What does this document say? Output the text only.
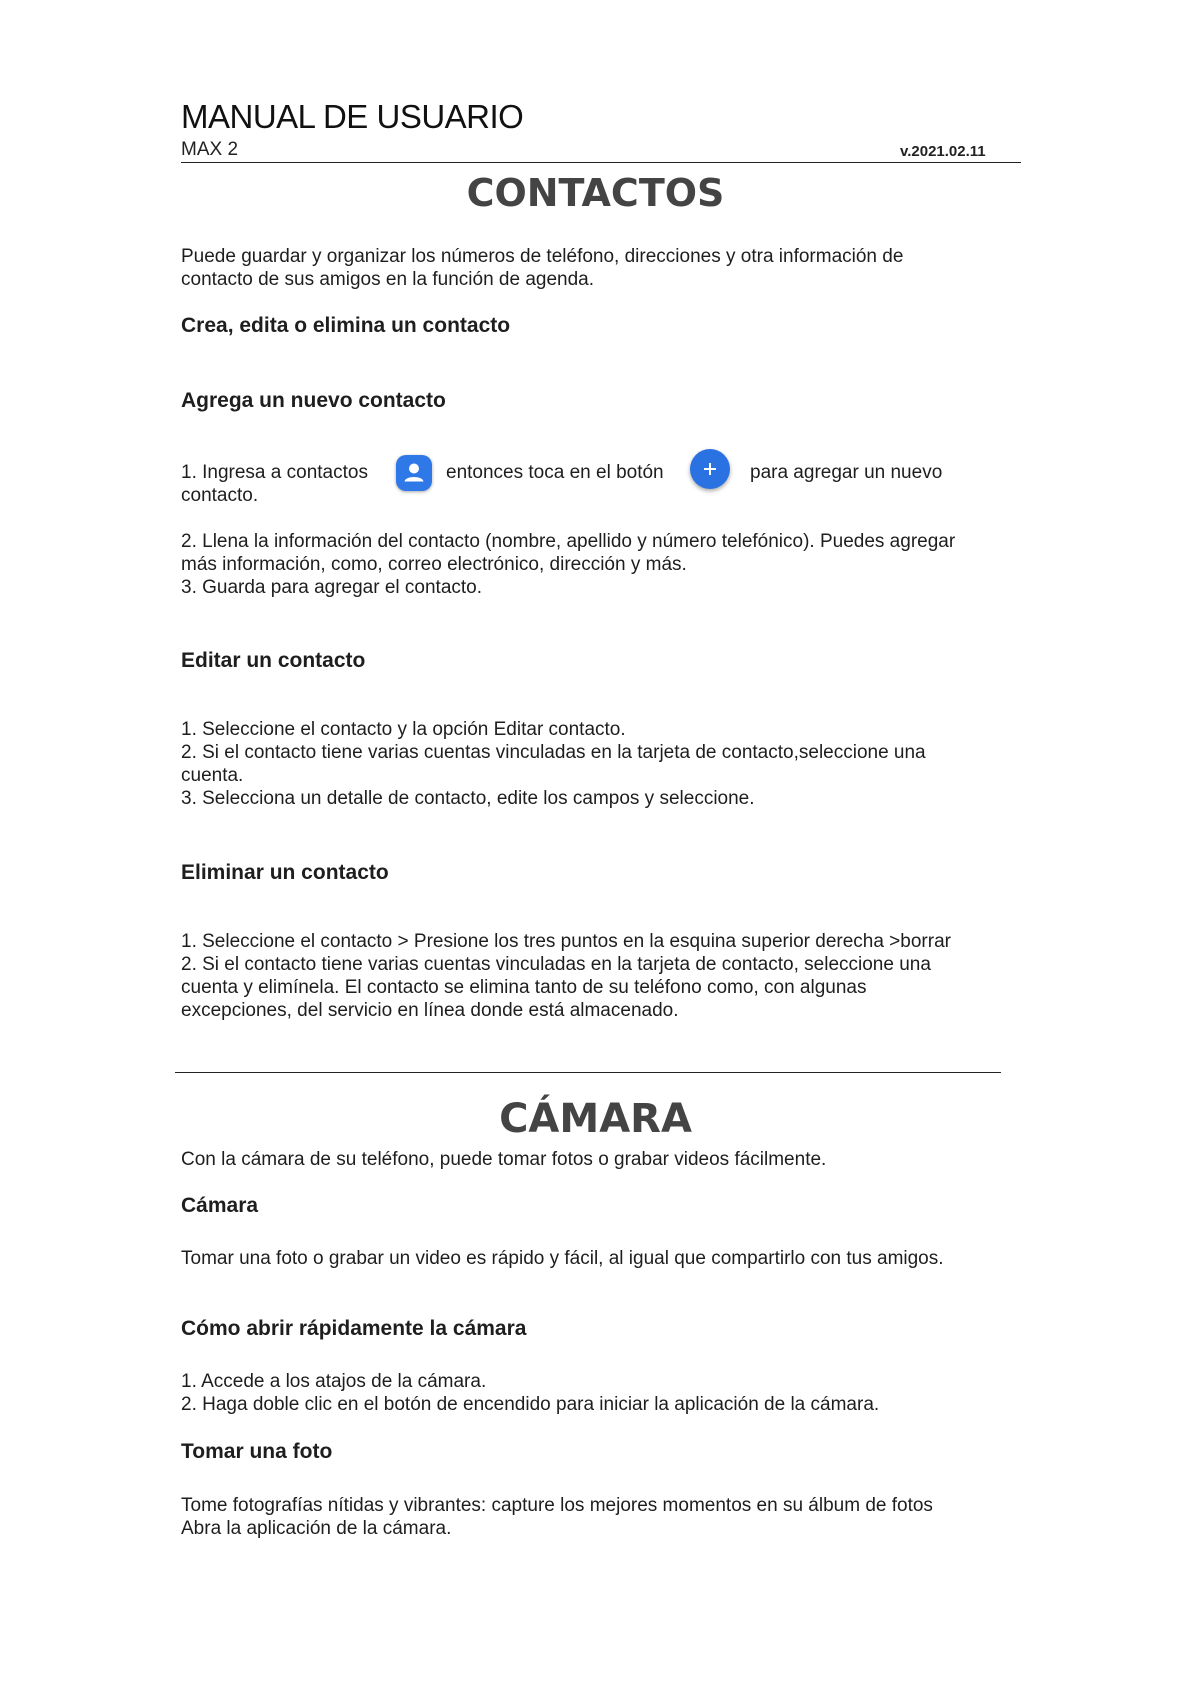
MANUAL DE USUARIO
MAX 2	v.2021.02.11
CONTACTOS
Puede guardar y organizar los números de teléfono, direcciones y otra información de
contacto de sus amigos en la función de agenda.
Crea, edita o elimina un contacto
Agrega un nuevo contacto
1. Ingresa a contactos	entonces toca en el botón	para agregar un nuevo
contacto.
2. Llena la información del contacto (nombre, apellido y número telefónico). Puedes agregar
más información, como, correo electrónico, dirección y más.
3. Guarda para agregar el contacto.
Editar un contacto
1. Seleccione el contacto y la opción Editar contacto.
2. Si el contacto tiene varias cuentas vinculadas en la tarjeta de contacto,seleccione una
cuenta.
3. Selecciona un detalle de contacto, edite los campos y seleccione.
Eliminar un contacto
1. Seleccione el contacto > Presione los tres puntos en la esquina superior derecha >borrar
2. Si el contacto tiene varias cuentas vinculadas en la tarjeta de contacto, seleccione una
cuenta y elimínela. El contacto se elimina tanto de su teléfono como, con algunas
excepciones, del servicio en línea donde está almacenado.
CÁMARA
Con la cámara de su teléfono, puede tomar fotos o grabar videos fácilmente.
Cámara
Tomar una foto o grabar un video es rápido y fácil, al igual que compartirlo con tus amigos.
Cómo abrir rápidamente la cámara
1. Accede a los atajos de la cámara.
2. Haga doble clic en el botón de encendido para iniciar la aplicación de la cámara.
Tomar una foto
Tome fotografías nítidas y vibrantes: capture los mejores momentos en su álbum de fotos
Abra la aplicación de la cámara.
